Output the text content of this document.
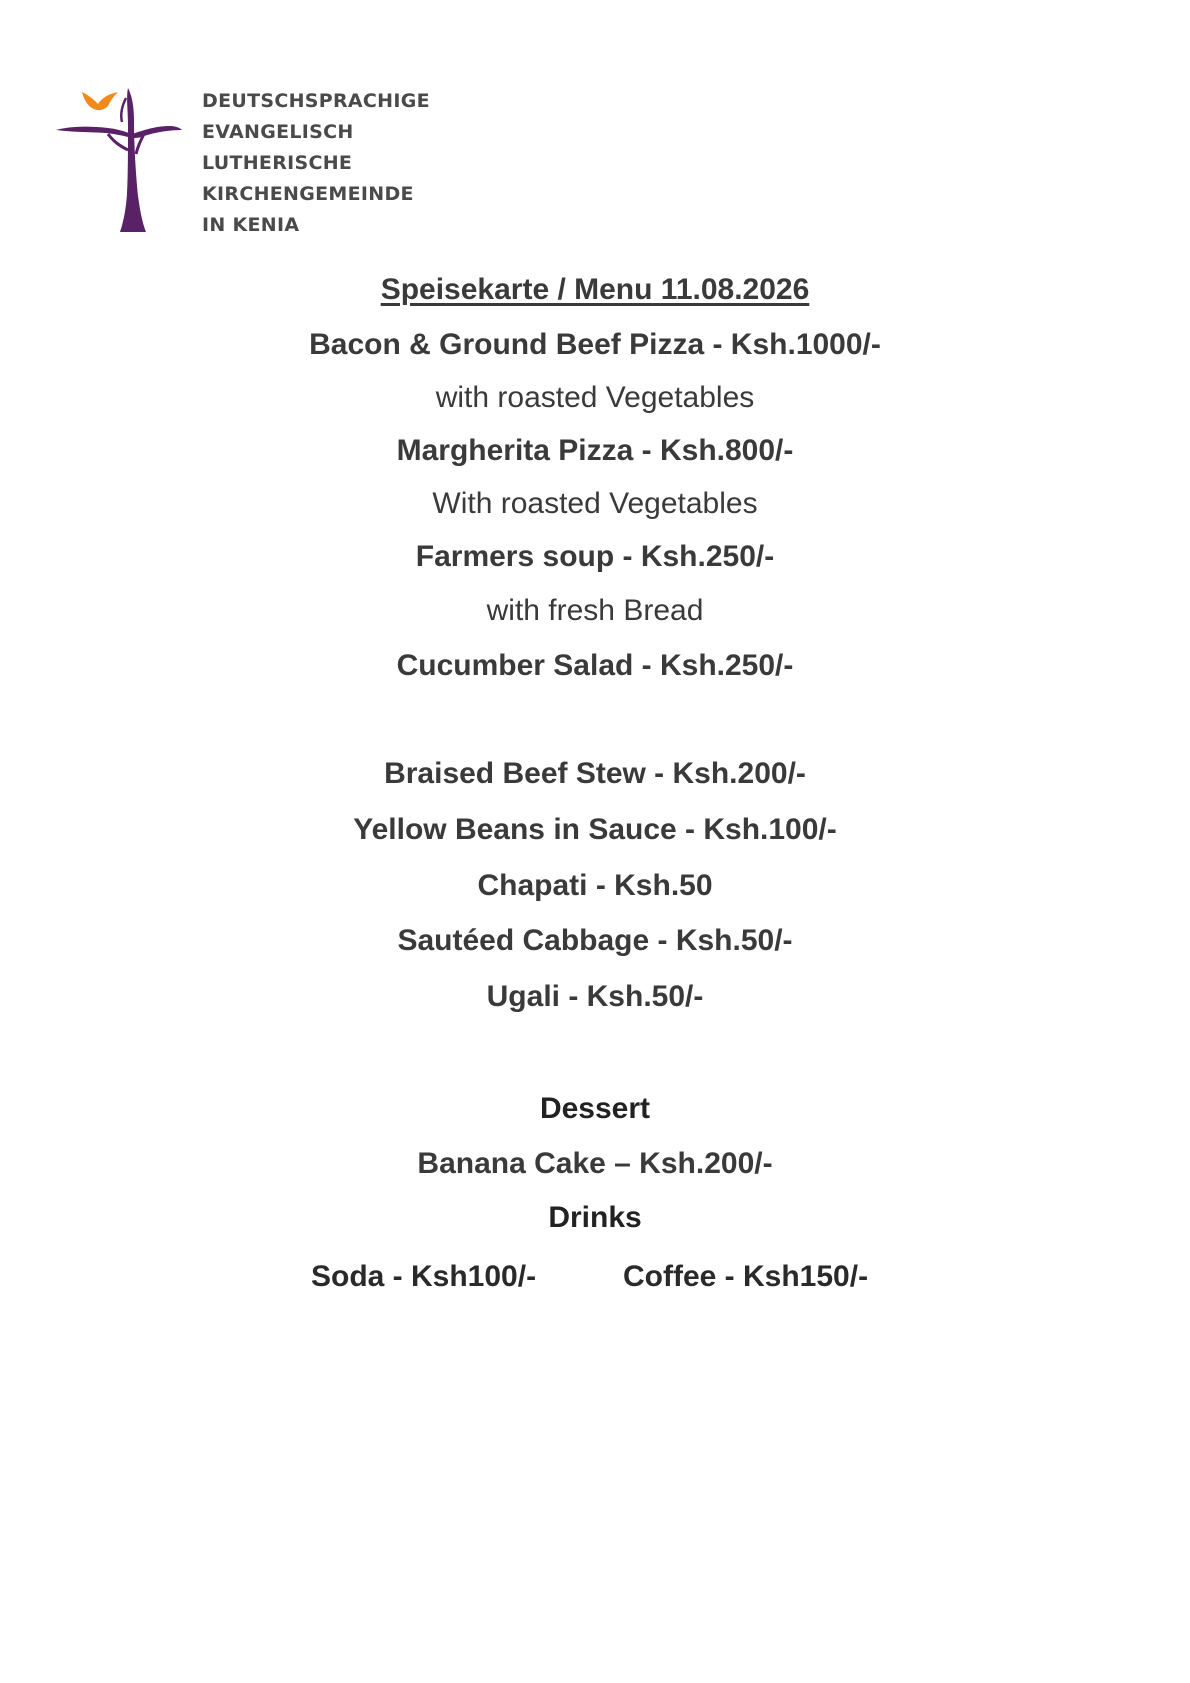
DEUTSCHSPRACHIGE
EVANGELISCH
LUTHERISCHE
KIRCHENGEMEINDE
IN KENIA
Speisekarte / Menu 11.08.2026
Bacon & Ground Beef Pizza - Ksh.1000/-
with roasted Vegetables
Margherita Pizza - Ksh.800/-
With roasted Vegetables
Farmers soup - Ksh.250/-
with fresh Bread
Cucumber Salad - Ksh.250/-
Braised Beef Stew - Ksh.200/-
Yellow Beans in Sauce - Ksh.100/-
Chapati - Ksh.50
Sautéed Cabbage - Ksh.50/-
Ugali - Ksh.50/-
Dessert
Banana Cake – Ksh.200/-
Drinks
Soda - Ksh100/-	Coffee - Ksh150/-
